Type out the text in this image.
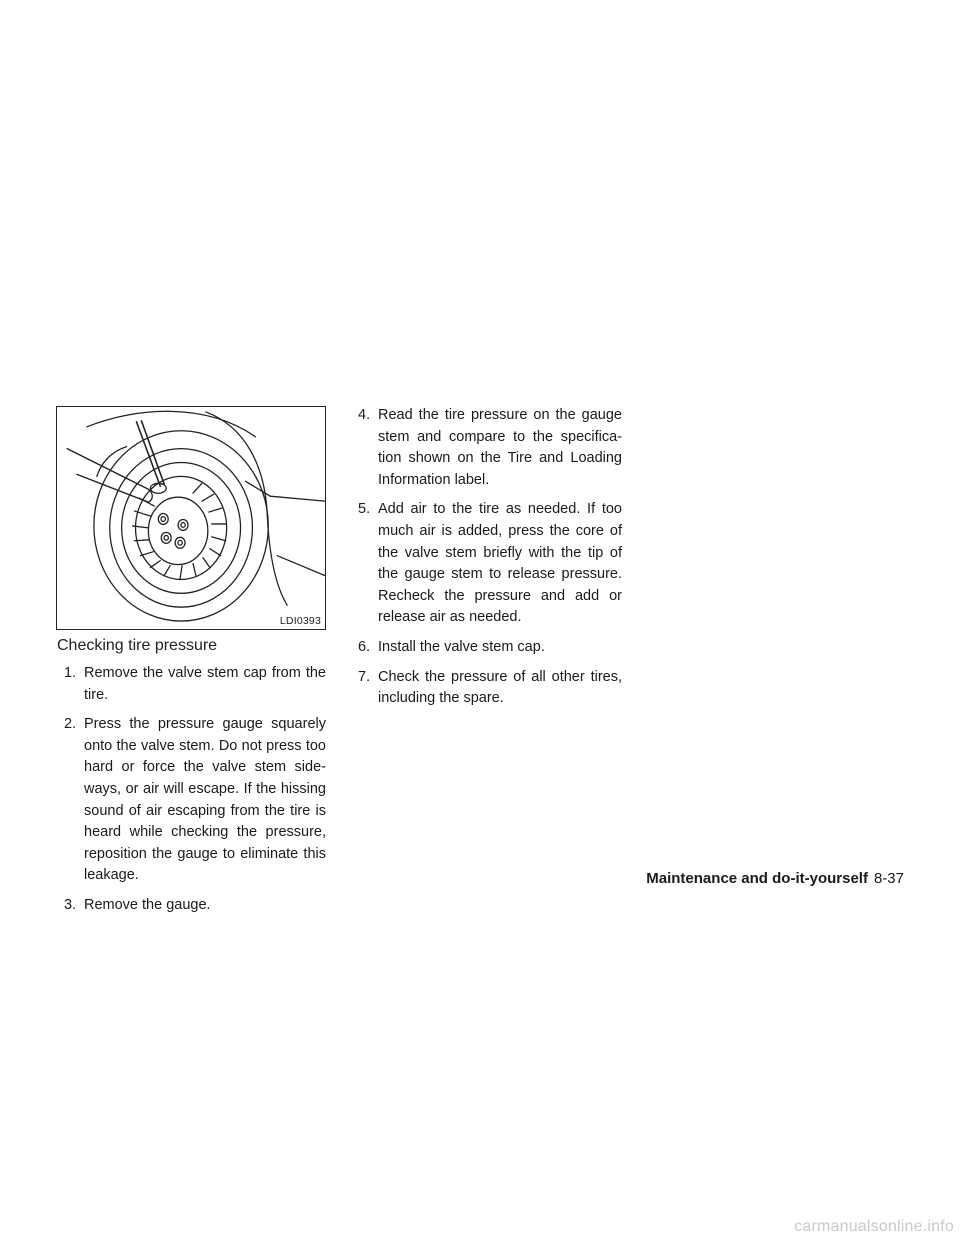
LDI0393
Checking tire pressure
1. Remove the valve stem cap from the tire.
2. Press the pressure gauge squarely onto the valve stem. Do not press too hard or force the valve stem side-ways, or air will escape. If the hissing sound of air escaping from the tire is heard while checking the pressure, reposition the gauge to eliminate this leakage.
3. Remove the gauge.
4. Read the tire pressure on the gauge stem and compare to the specifica-tion shown on the Tire and Loading Information label.
5. Add air to the tire as needed. If too much air is added, press the core of the valve stem briefly with the tip of the gauge stem to release pressure. Recheck the pressure and add or release air as needed.
6. Install the valve stem cap.
7. Check the pressure of all other tires, including the spare.
Maintenance and do-it-yourself 8-37
carmanualsonline.info
